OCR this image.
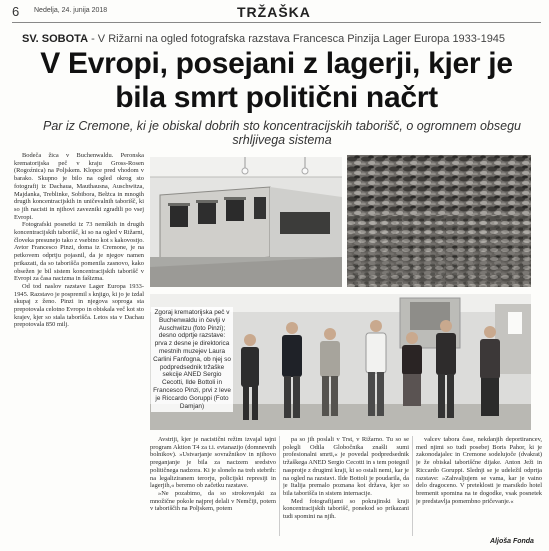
6 Nedelja, 24. junija 2018	TRŽAŠKA
SV. SOBOTA - V Rižarni na ogled fotografska razstava Francesca Pinzija Lager Europa 1933-1945
V Evropi, posejani z lagerji, kjer je bila smrt politični načrt
Par iz Cremone, ki je obiskal dobrih sto koncentracijskih taborišč, o ogromnem obsegu srhljivega sistema

Bodeča žica v Buchenwaldu. Peronska krematorijska peč v kraju Gross-Rosen (Rogoźnica) na Poljskem. Klopce pred vhodom v barako. Skupno je bilo na ogled okrog sto fotografij iz Dachaua, Mauthausna, Auschwitza, Majdanka, Treblinke, Sobibora, Bełżca in mnogih drugih koncentracijskih in uničevalnih taborišč, ki so jih nacisti in njihovi zavezniki zgradili po vsej Evropi.

Fotografski posnetki iz 73 nemških in drugih koncentracijskih taborišč, ki so na ogled v Rižarni, človeka presunejo tako z vsebino kot s kakovostjo. Avtor Francesco Pinzi, doma iz Cremone, je na petkovem odprtju pojasnil, da je njegov namen prikazati, da so taborišča pomenila zasnovo, kako obsežen je bil sistem koncentracijskih taborišč v Evropi za časa nacizma in fašizma.

Od tod naslov razstave Lager Europa 1933-1945. Razstavo je pospremil s knjigo, ki jo je izdal skupaj z ženo. Pinzi in njegova soproga sta prepotovala celotno Evropo in obiskala več kot sto krajev, kjer so stala taborišča. Letos sta v Dachau prepotovala 850 milj.

Zgoraj krematorijska peč v Buchenwaldu in čevlji v Auschwitzu (foto Pinzi); desno odprtje razstave: prva z desne je direktorica mestnih muzejev Laura Carlini Fanfogna, ob njej so podpredsednik tržaške sekcije ANED Sergio Cecotti, Ilde Bottoli in Francesco Pinzi, prvi z leve je Riccardo Goruppi (Foto Damjan)

Avstriji, kjer je nacistični režim izvajal tajni program Aktion T4 za t.i. evtanazijo (domnevnih bolnikov). »Ustvarjanje sovražnikov in njihovo preganjanje je bila za nacizem sredstvo političnega nadzora. Ki je slonelo na treh stebrih: na legaliziranem terorju, policijski represiji in lagerjih,« beremo ob začetku razstave.

»Ne pozabimo, da so strokovnjaki za množične pokole najprej delali v Nemčiji, potem v taboriščih na Poljskem, potem

pa so jih poslali v Trst, v Rižarno. Tu so se polegli Odila Globočnika znašli sumi profesionalni smrti,« je povedal podpredsednik tržaškega ANED Sergio Cecotti in s tem potegnil nasprotje z drugimi kraji, ki so ostali nemi, kar je na ogled na razstavi. Ilde Bottoli je poudarila, da je Italija premalo poznana kot država, kjer so bila taborišča in sistem internacije.

Med fotografijami so pokrajinski kraji koncentracijskih taborišč, ponekod so prikazani tudi spomini na njih.

valcev tabora čase, nekdanjih deportirancev, med njimi so tudi posebej Boris Pahor, ki je zakonodajalec in Cremone sodelujoče (dvakrat) je že obiskal taboriščne dijake. Anton Ježi in Riccardo Goruppi. Slednji se je udeležil odprtja razstave: »Zahvaljujem se vama, kar je vaino delo dragoceno. V preteklosti je marsikdo hotel bremenit spomina na te dogodke, vsak posnetek je predstavlja pomembno pričevanje.«

Aljoša Fonda
